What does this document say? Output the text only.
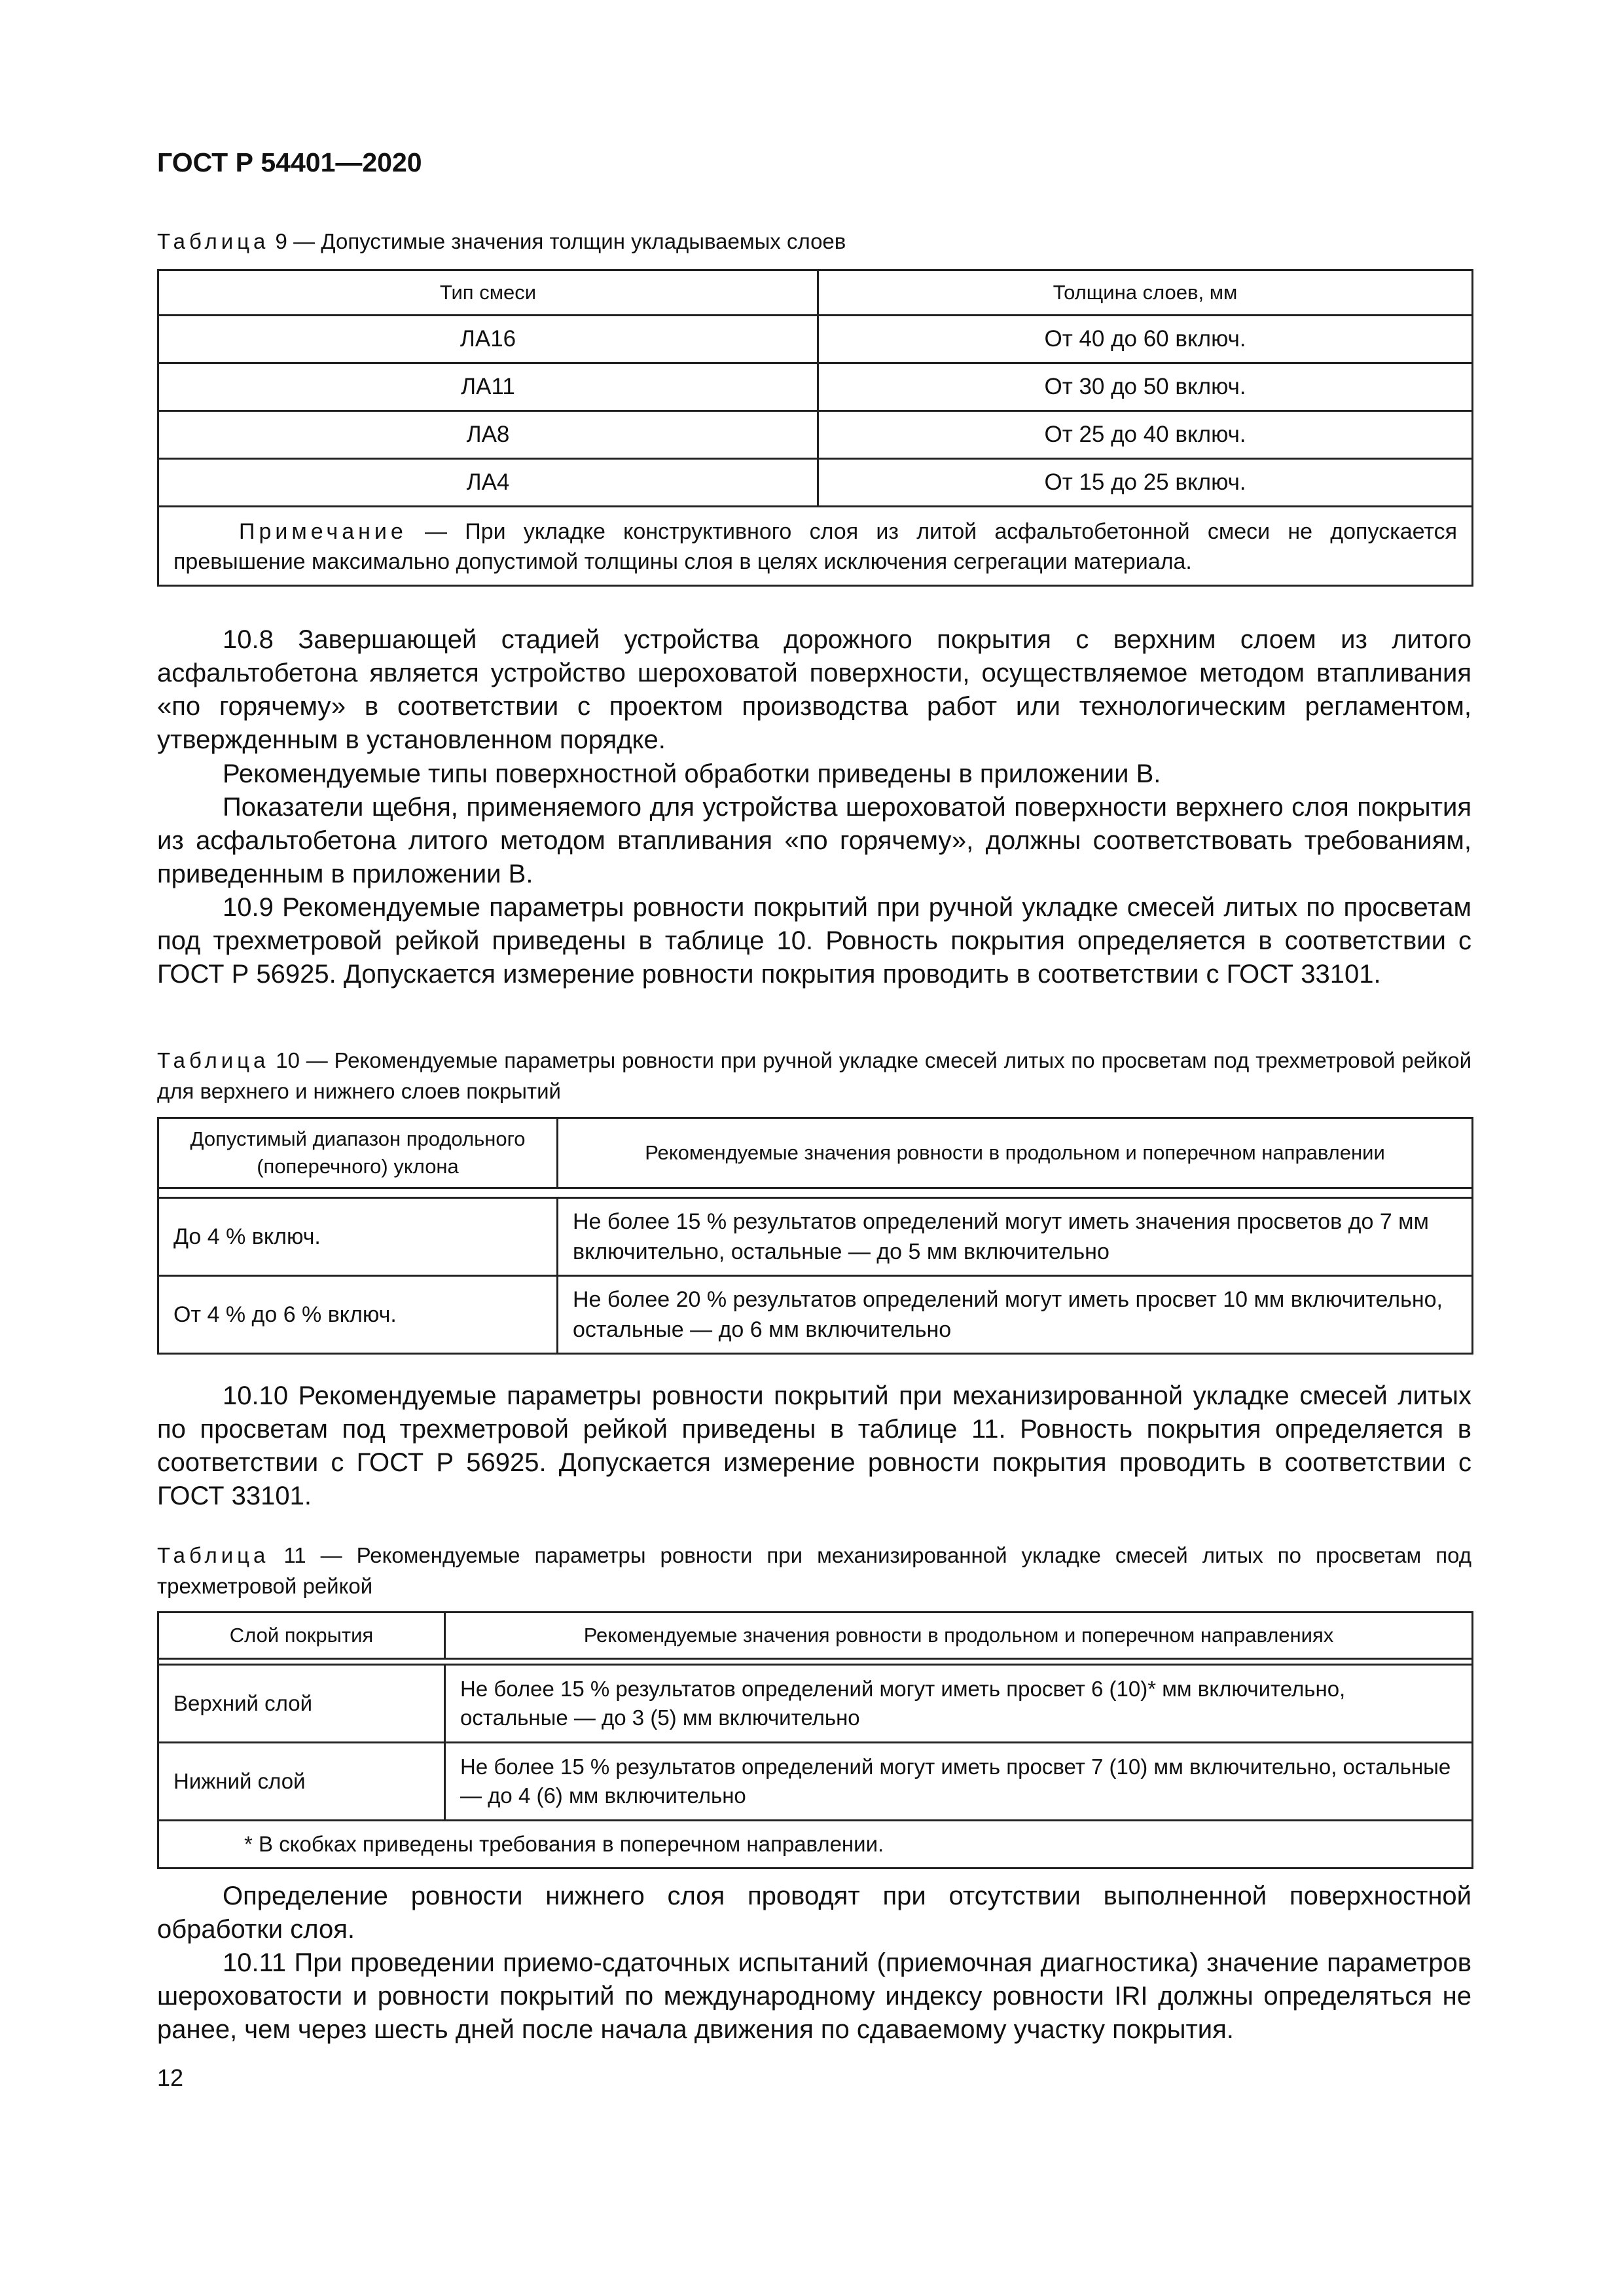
ГОСТ Р 54401—2020
Таблица 9 — Допустимые значения толщин укладываемых слоев
Тип смеси	Толщина слоев, мм
ЛА16	От 40 до 60 включ.
ЛА11	От 30 до 50 включ.
ЛА8	От 25 до 40 включ.
ЛА4	От 15 до 25 включ.
Примечание — При укладке конструктивного слоя из литой асфальтобетонной смеси не допускается превышение максимально допустимой толщины слоя в целях исключения сегрегации материала.	

10.8 Завершающей стадией устройства дорожного покрытия с верхним слоем из литого асфальтобетона является устройство шероховатой поверхности, осуществляемое методом втапливания «по горячему» в соответствии с проектом производства работ или технологическим регламентом, утвержденным в установленном порядке.

Рекомендуемые типы поверхностной обработки приведены в приложении В.

Показатели щебня, применяемого для устройства шероховатой поверхности верхнего слоя покрытия из асфальтобетона литого методом втапливания «по горячему», должны соответствовать требованиям, приведенным в приложении В.

10.9 Рекомендуемые параметры ровности покрытий при ручной укладке смесей литых по просветам под трехметровой рейкой приведены в таблице 10. Ровность покрытия определяется в соответствии с ГОСТ Р 56925. Допускается измерение ровности покрытия проводить в соответствии с ГОСТ 33101.

Таблица 10 — Рекомендуемые параметры ровности при ручной укладке смесей литых по просветам под трехметровой рейкой для верхнего и нижнего слоев покрытий
Допустимый диапазон продольного (поперечного) уклона	Рекомендуемые значения ровности в продольном и поперечном направлении

До 4 % включ.	Не более 15 % результатов определений могут иметь значения просветов до 7 мм включительно, остальные — до 5 мм включительно
От 4 % до 6 % включ.	Не более 20 % результатов определений могут иметь просвет 10 мм включительно, остальные — до 6 мм включительно

10.10 Рекомендуемые параметры ровности покрытий при механизированной укладке смесей литых по просветам под трехметровой рейкой приведены в таблице 11. Ровность покрытия определяется в соответствии с ГОСТ Р 56925. Допускается измерение ровности покрытия проводить в соответствии с ГОСТ 33101.

Таблица 11 — Рекомендуемые параметры ровности при механизированной укладке смесей литых по просветам под трехметровой рейкой
Слой покрытия	Рекомендуемые значения ровности в продольном и поперечном направлениях

Верхний слой	Не более 15 % результатов определений могут иметь просвет 6 (10)* мм включительно, остальные — до 3 (5) мм включительно
Нижний слой	Не более 15 % результатов определений могут иметь просвет 7 (10) мм включительно, остальные — до 4 (6) мм включительно
* В скобках приведены требования в поперечном направлении.	

Определение ровности нижнего слоя проводят при отсутствии выполненной поверхностной обработки слоя.

10.11 При проведении приемо-сдаточных испытаний (приемочная диагностика) значение параметров шероховатости и ровности покрытий по международному индексу ровности IRI должны определяться не ранее, чем через шесть дней после начала движения по сдаваемому участку покрытия.

12
